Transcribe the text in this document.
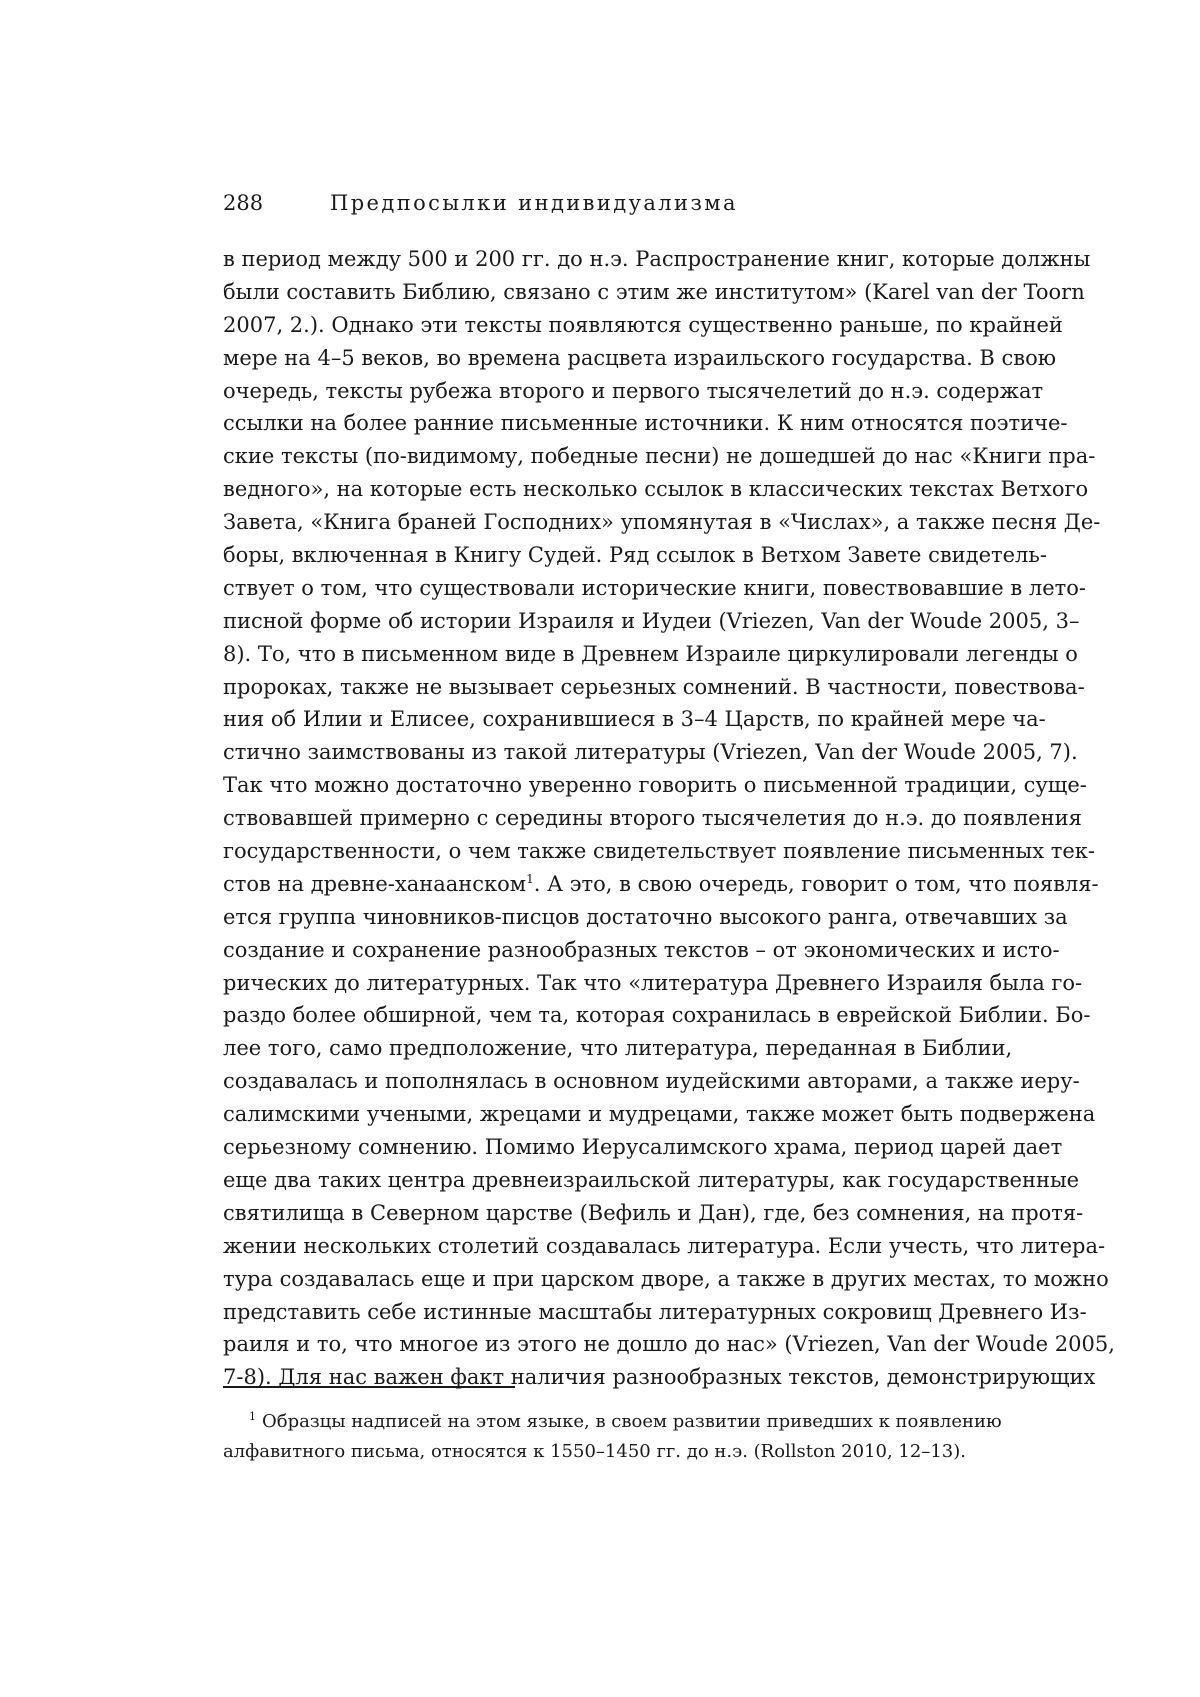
288	Предпосылки индивидуализма
в период между 500 и 200 гг. до н.э. Распространение книг, которые должны
были составить Библию, связано с этим же институтом» (Karel van der Toorn
2007, 2.). Однако эти тексты появляются существенно раньше, по крайней
мере на 4–5 веков, во времена расцвета израильского государства. В свою
очередь, тексты рубежа второго и первого тысячелетий до н.э. содержат
ссылки на более ранние письменные источники. К ним относятся поэтиче-
ские тексты (по-видимому, победные песни) не дошедшей до нас «Книги пра-
ведного», на которые есть несколько ссылок в классических текстах Ветхого
Завета, «Книга браней Господних» упомянутая в «Числах», а также песня Де-
боры, включенная в Книгу Судей. Ряд ссылок в Ветхом Завете свидетель-
ствует о том, что существовали исторические книги, повествовавшие в лето-
писной форме об истории Израиля и Иудеи (Vriezen, Van der Woude 2005, 3–
8). То, что в письменном виде в Древнем Израиле циркулировали легенды о
пророках, также не вызывает серьезных сомнений. В частности, повествова-
ния об Илии и Елисее, сохранившиеся в 3–4 Царств, по крайней мере ча-
стично заимствованы из такой литературы (Vriezen, Van der Woude 2005, 7).
Так что можно достаточно уверенно говорить о письменной традиции, суще-
ствовавшей примерно с середины второго тысячелетия до н.э. до появления
государственности, о чем также свидетельствует появление письменных тек-
стов на древне-ханаанском$^1$. А это, в свою очередь, говорит о том, что появля-
ется группа чиновников-писцов достаточно высокого ранга, отвечавших за
создание и сохранение разнообразных текстов – от экономических и исто-
рических до литературных. Так что «литература Древнего Израиля была го-
раздо более обширной, чем та, которая сохранилась в еврейской Библии. Бо-
лее того, само предположение, что литература, переданная в Библии,
создавалась и пополнялась в основном иудейскими авторами, а также иеру-
салимскими учеными, жрецами и мудрецами, также может быть подвержена
серьезному сомнению. Помимо Иерусалимского храма, период царей дает
еще два таких центра древнеизраильской литературы, как государственные
святилища в Северном царстве (Вефиль и Дан), где, без сомнения, на протя-
жении нескольких столетий создавалась литература. Если учесть, что литера-
тура создавалась еще и при царском дворе, а также в других местах, то можно
представить себе истинные масштабы литературных сокровищ Древнего Из-
раиля и то, что многое из этого не дошло до нас» (Vriezen, Van der Woude 2005,
7-8). Для нас важен факт наличия разнообразных текстов, демонстрирующих
$^1$ Образцы надписей на этом языке, в своем развитии приведших к появлению
алфавитного письма, относятся к 1550–1450 гг. до н.э. (Rollston 2010, 12–13).
